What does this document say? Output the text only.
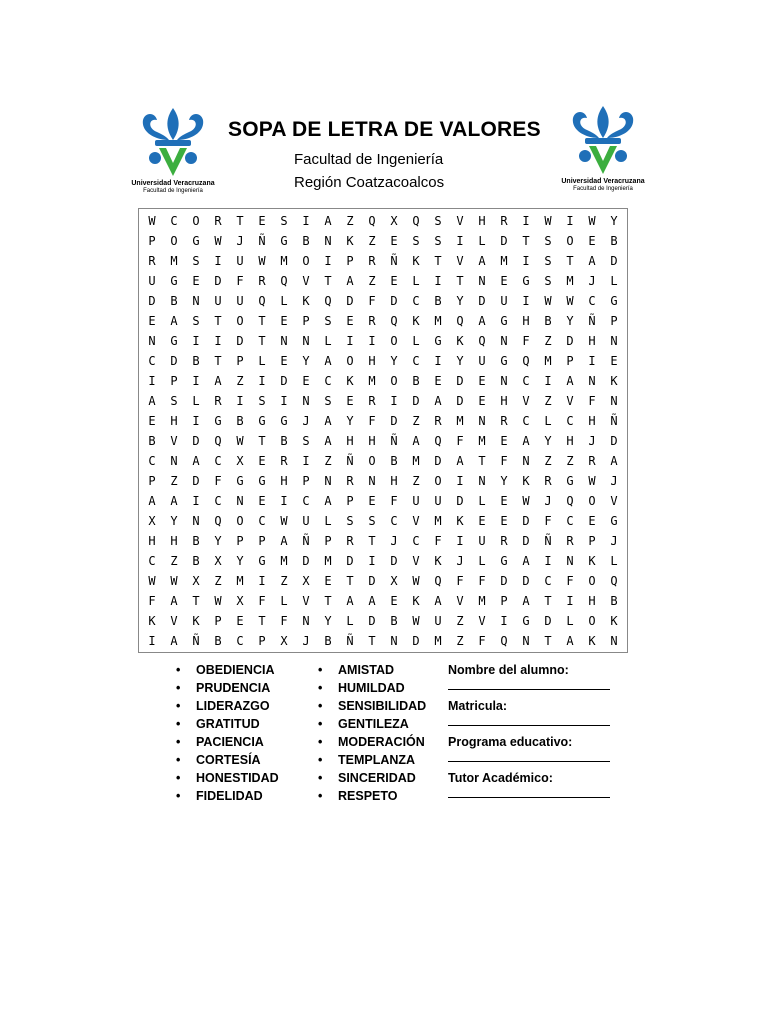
Universidad Veracruzana
Facultad de Ingeniería
Universidad Veracruzana
Facultad de Ingeniería
SOPA DE LETRA DE VALORES
Facultad de Ingeniería
Región Coatzacoalcos
W	C	O	R	T	E	S	I	A	Z	Q	X	Q	S	V	H	R	I	W	I	W	Y
P	O	G	W	J	Ñ	G	B	N	K	Z	E	S	S	I	L	D	T	S	O	E	B
R	M	S	I	U	W	M	O	I	P	R	Ñ	K	T	V	A	M	I	S	T	A	D
U	G	E	D	F	R	Q	V	T	A	Z	E	L	I	T	N	E	G	S	M	J	L
D	B	N	U	U	Q	L	K	Q	D	F	D	C	B	Y	D	U	I	W	W	C	G
E	A	S	T	O	T	E	P	S	E	R	Q	K	M	Q	A	G	H	B	Y	Ñ	P
N	G	I	I	D	T	N	N	L	I	I	O	L	G	K	Q	N	F	Z	D	H	N
C	D	B	T	P	L	E	Y	A	O	H	Y	C	I	Y	U	G	Q	M	P	I	E
I	P	I	A	Z	I	D	E	C	K	M	O	B	E	D	E	N	C	I	A	N	K
A	S	L	R	I	S	I	N	S	E	R	I	D	A	D	E	H	V	Z	V	F	N
E	H	I	G	B	G	G	J	A	Y	F	D	Z	R	M	N	R	C	L	C	H	Ñ
B	V	D	Q	W	T	B	S	A	H	H	Ñ	A	Q	F	M	E	A	Y	H	J	D
C	N	A	C	X	E	R	I	Z	Ñ	O	B	M	D	A	T	F	N	Z	Z	R	A
P	Z	D	F	G	G	H	P	N	R	N	H	Z	O	I	N	Y	K	R	G	W	J
A	A	I	C	N	E	I	C	A	P	E	F	U	U	D	L	E	W	J	Q	O	V
X	Y	N	Q	O	C	W	U	L	S	S	C	V	M	K	E	E	D	F	C	E	G
H	H	B	Y	P	P	A	Ñ	P	R	T	J	C	F	I	U	R	D	Ñ	R	P	J
C	Z	B	X	Y	G	M	D	M	D	I	D	V	K	J	L	G	A	I	N	K	L
W	W	X	Z	M	I	Z	X	E	T	D	X	W	Q	F	F	D	D	C	F	O	Q
F	A	T	W	X	F	L	V	T	A	A	E	K	A	V	M	P	A	T	I	H	B
K	V	K	P	E	T	F	N	Y	L	D	B	W	U	Z	V	I	G	D	L	O	K
I	A	Ñ	B	C	P	X	J	B	Ñ	T	N	D	M	Z	F	Q	N	T	A	K	N
• OBEDIENCIA
• PRUDENCIA
• LIDERAZGO
• GRATITUD
• PACIENCIA
• CORTESÍA
• HONESTIDAD
• FIDELIDAD
• AMISTAD
• HUMILDAD
• SENSIBILIDAD
• GENTILEZA
• MODERACIÓN
• TEMPLANZA
• SINCERIDAD
• RESPETO
Nombre del alumno:
Matricula:
Programa educativo:
Tutor Académico:
